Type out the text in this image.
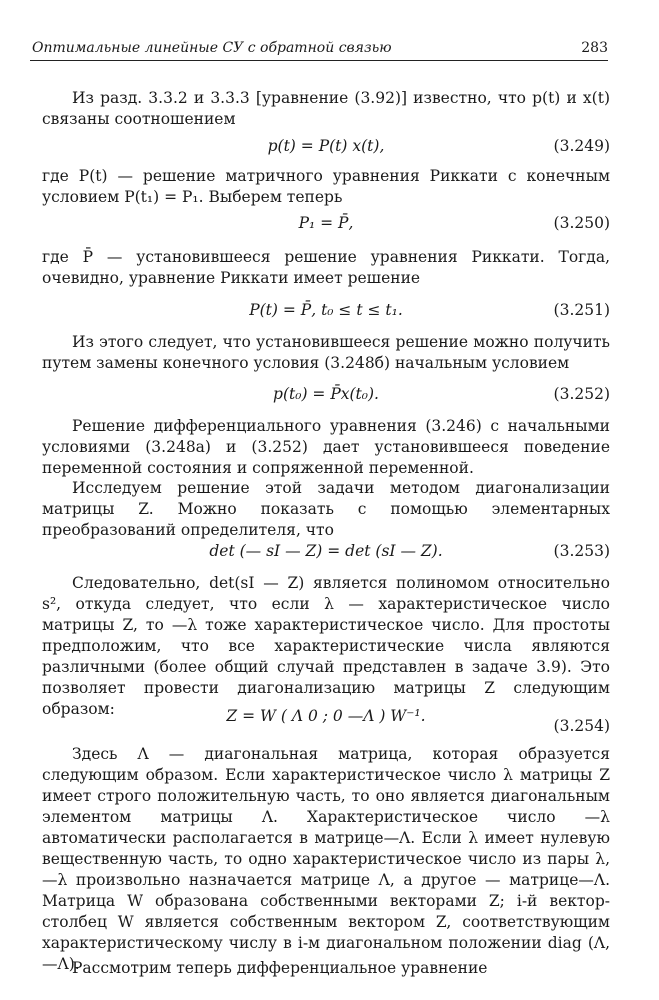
Оптимальные линейные СУ с обратной связью	283

Из разд. 3.3.2 и 3.3.3 [уравнение (3.92)] известно, что p(t) и x(t) связаны соотношением

p(t) = P(t) x(t),	(3.249)

где P(t) — решение матричного уравнения Риккати с конечным условием P(t₁) = P₁. Выберем теперь

P₁ = P̄,	(3.250)

где P̄ — установившееся решение уравнения Риккати. Тогда, очевидно, уравнение Риккати имеет решение

P(t) = P̄, t₀ ≤ t ≤ t₁.	(3.251)

Из этого следует, что установившееся решение можно получить путем замены конечного условия (3.248б) начальным условием

p(t₀) = P̄x(t₀).	(3.252)

Решение дифференциального уравнения (3.246) с начальными условиями (3.248а) и (3.252) дает установившееся поведение переменной состояния и сопряженной переменной.

Исследуем решение этой задачи методом диагонализации матрицы Z. Можно показать с помощью элементарных преобразований определителя, что

det (— sI — Z) = det (sI — Z).	(3.253)

Следовательно, det(sI — Z) является полиномом относительно s², откуда следует, что если λ — характеристическое число матрицы Z, то —λ тоже характеристическое число. Для простоты предположим, что все характеристические числа являются различными (более общий случай представлен в задаче 3.9). Это позволяет провести диагонализацию матрицы Z следующим образом:	Z = W ( Λ 0 ; 0 —Λ ) W⁻¹.
(3.254)

Здесь Λ — диагональная матрица, которая образуется следующим образом. Если характеристическое число λ матрицы Z имеет строго положительную часть, то оно является диагональным элементом матрицы Λ. Характеристическое число —λ автоматически располагается в матрице—Λ. Если λ имеет нулевую вещественную часть, то одно характеристическое число из пары λ, —λ произвольно назначается матрице Λ, а другое — матрице—Λ. Матрица W образована собственными векторами Z; i-й вектор-столбец W является собственным вектором Z, соответствующим характеристическому числу в i-м диагональном положении diag (Λ, —Λ).

Рассмотрим теперь дифференциальное уравнение
